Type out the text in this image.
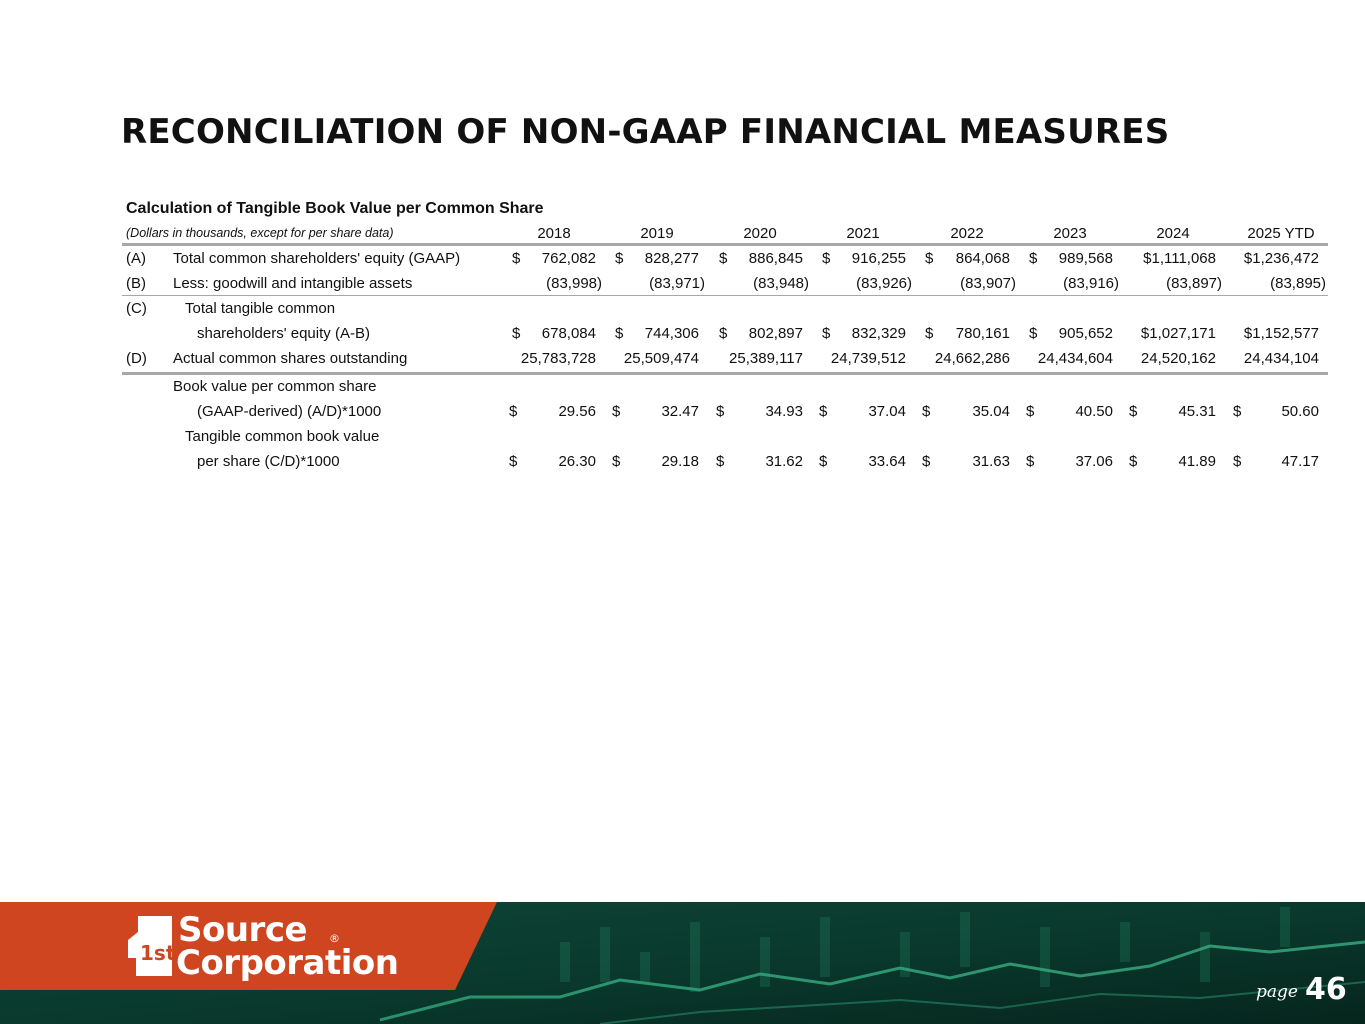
RECONCILIATION OF NON-GAAP FINANCIAL MEASURES
Calculation of Tangible Book Value per Common Share
(Dollars in thousands, except for per share data)	2018	2019	2020	2021	2022	2023	2024	2025 YTD
(A) Total common shareholders' equity (GAAP)	$ 762,082 $ 828,277 $ 886,845 $ 916,255 $ 864,068 $ 989,568 $1,111,068 $1,236,472
(B) Less: goodwill and intangible assets	(83,998)	(83,971)	(83,948)	(83,926)	(83,907)	(83,916)	(83,897)	(83,895)
(C)	Total tangible common
shareholders' equity (A-B)	$ 678,084 $ 744,306 $ 802,897 $ 832,329 $ 780,161 $ 905,652 $1,027,171 $1,152,577
(D) Actual common shares outstanding	25,783,728 25,509,474 25,389,117 24,739,512 24,662,286 24,434,604 24,520,162 24,434,104
Book value per common share
(GAAP-derived) (A/D)*1000	$	29.56 $	32.47 $	34.93 $	37.04 $	35.04 $	40.50 $	45.31 $	50.60
Tangible common book value
per share (C/D)*1000	$	26.30 $	29.18 $	31.62 $	33.64 $	31.63 $	37.06 $	41.89 $	47.17
1st
Source
Corporation
®
page 46
